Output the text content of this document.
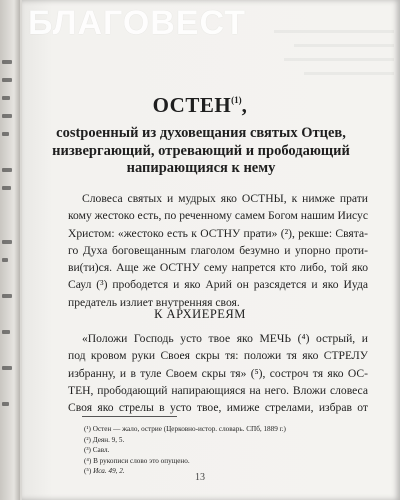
БЛАГОВЕСТ
ОСТЕН$^{(1)}$,
сostроенный из духовещания святых Отцев,
низвергающий, отревающий и прободающий
напирающияся к нему
Словеса святых и мудрых яко ОСТНЫ, к нимже прати
кому жестоко есть, по реченному самем Богом нашим Иисус
Христом: «жестоко есть к ОСТНУ прати» (²), рекше: Свята-
го Духа боговещанным глаголом безумно и упорно проти-
ви(ти)ся. Аще же ОСТНУ сему напрется кто либо, той яко
Саул (³) прободется и яко Арий он разсядется и яко Иуда
предатель излиет внутренняя своя.
К АРХИЕРЕЯМ
«Положи Господь усто твое яко МЕЧЬ (⁴) острый, и
под кровом руки Своея скры тя: положи тя яко СТРЕЛУ
избранну, и в туле Своем скры тя» (⁵), состроч тя яко ОС-
ТЕН, прободающий напирающияся на него. Вложи словеса
Своя яко стрелы в усто твое, имиже стрелами, избрав от
(¹) Остен — жало, острие (Церковно-истор. словарь. СПб, 1889 г.)
(²) Деян. 9, 5.
(³) Савл.
(⁴) В рукописи слово это опущено.
(⁵) Иса. 49, 2.
13
